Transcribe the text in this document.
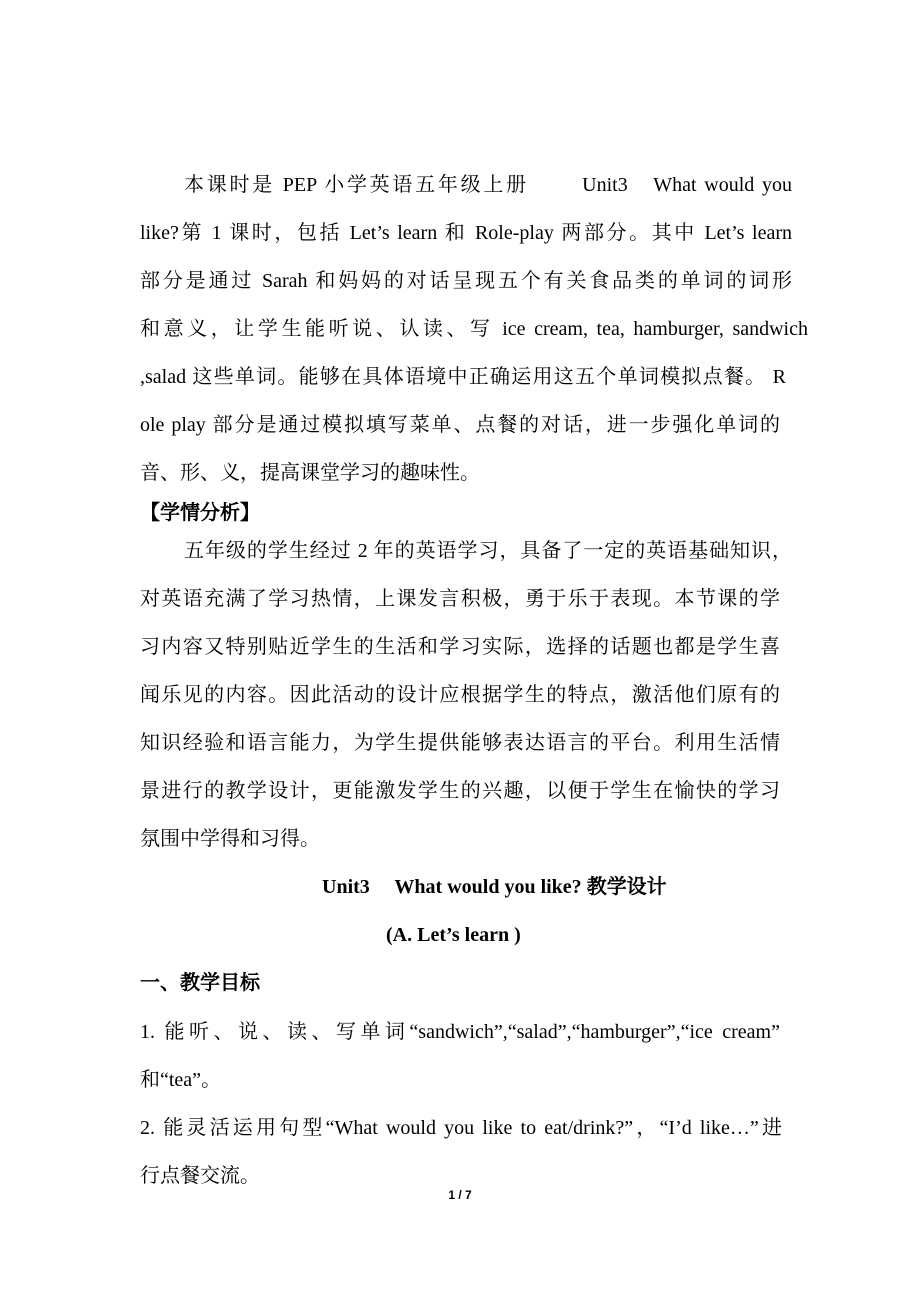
本课时是 PEP 小学英语五年级上册　　 Unit3　What would you
like?第 1 课时，包括 Let’s learn 和 Role-play 两部分。其中 Let’s learn
部分是通过 Sarah 和妈妈的对话呈现五个有关食品类的单词的词形
和意义，让学生能听说、认读、写 ice cream, tea, hamburger, sandwich
,salad 这些单词。能够在具体语境中正确运用这五个单词模拟点餐。 R
ole play 部分是通过模拟填写菜单、点餐的对话，进一步强化单词的
音、形、义，提高课堂学习的趣味性。
【学情分析】
五年级的学生经过 2 年的英语学习，具备了一定的英语基础知识，
对英语充满了学习热情，上课发言积极，勇于乐于表现。本节课的学
习内容又特别贴近学生的生活和学习实际，选择的话题也都是学生喜
闻乐见的内容。因此活动的设计应根据学生的特点，激活他们原有的
知识经验和语言能力，为学生提供能够表达语言的平台。利用生活情
景进行的教学设计，更能激发学生的兴趣，以便于学生在愉快的学习
氛围中学得和习得。
Unit3　 What would you like? 教学设计
(A. Let’s learn )
一、教学目标
1. 能听、说、读、写单词“sandwich”,“salad”,“hamburger”,“ice cream”
和“tea”。
2. 能灵活运用句型“What would you like to eat/drink?”，“I’d like…”进
行点餐交流。
1 / 7
